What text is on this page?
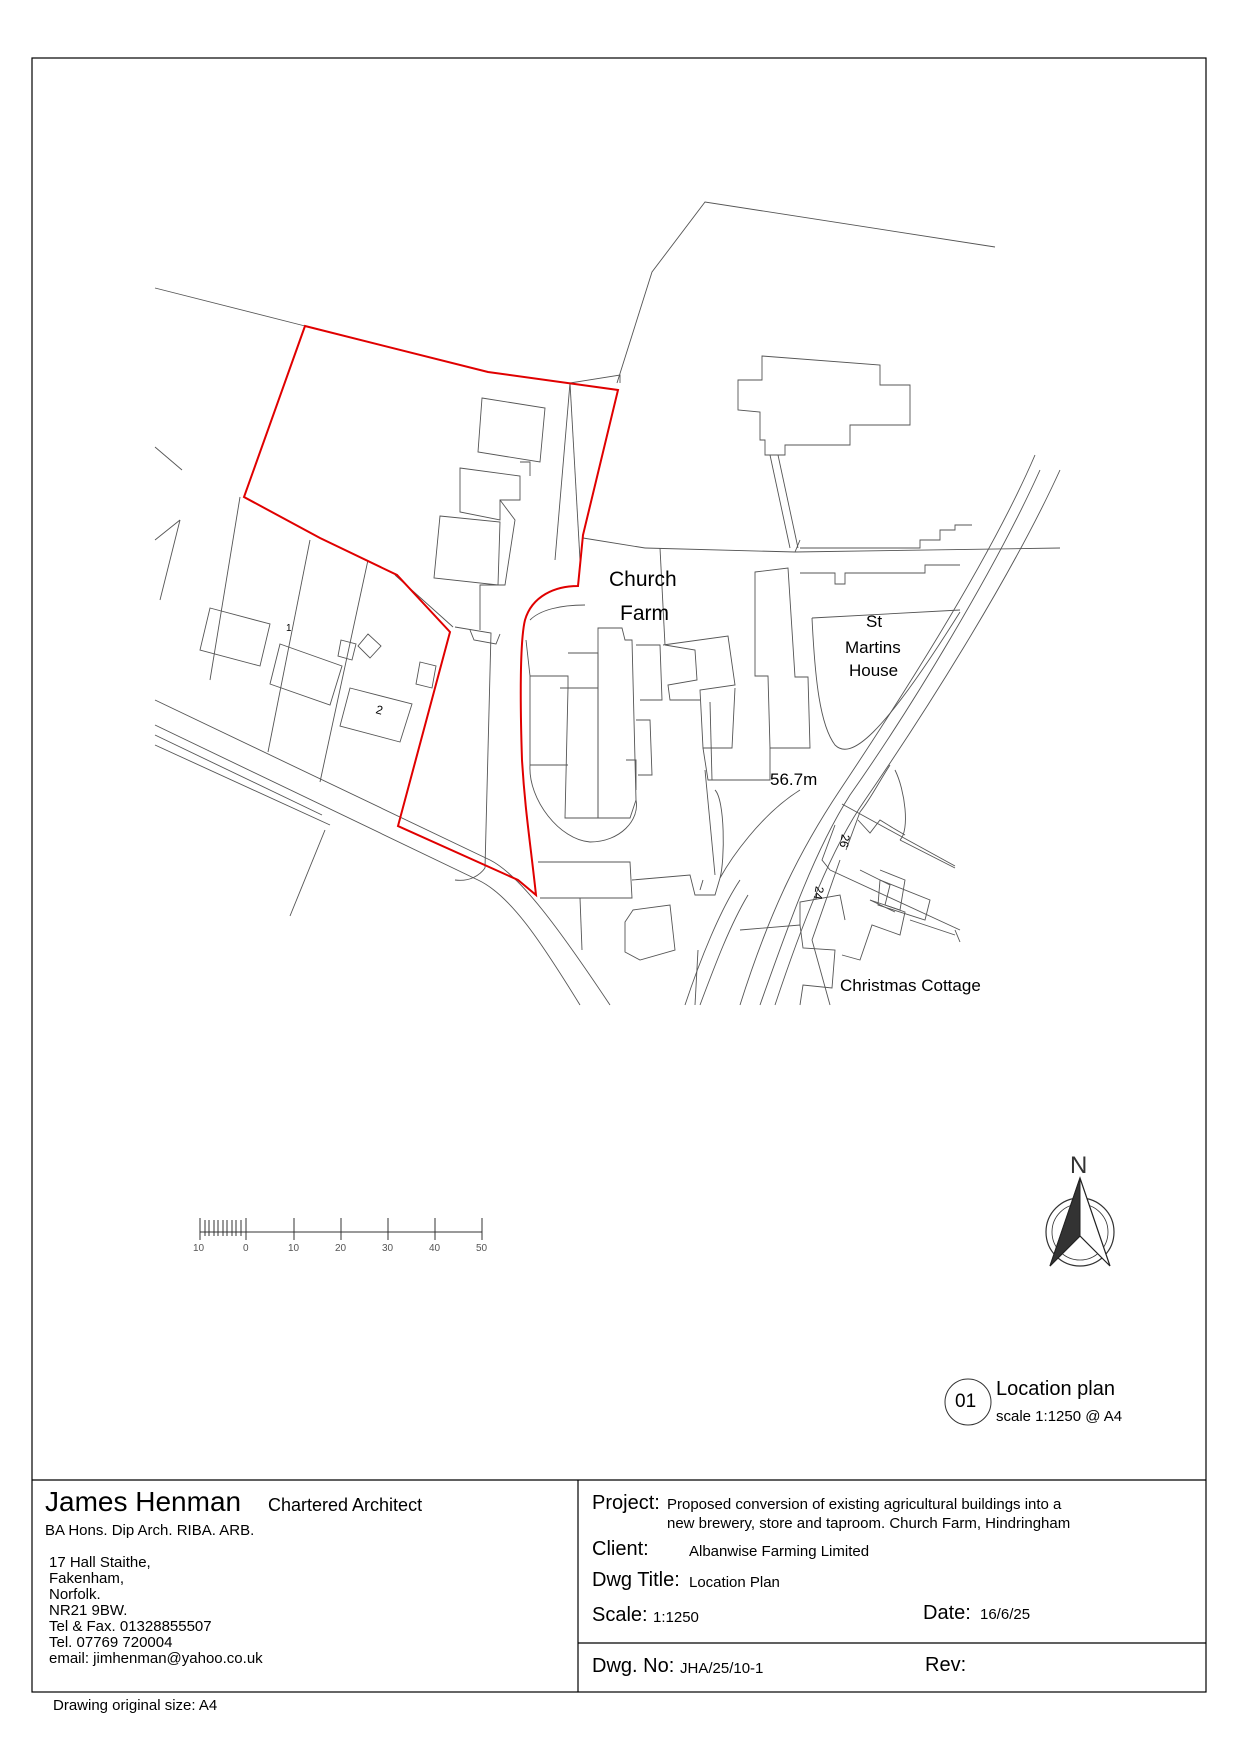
Church
Farm	St
Martins
House
56.7m
Christmas Cottage
2
1
26
24
10	0	10	20	30	40	50
N
01
Location plan
scale 1:1250 @ A4
James Henman Chartered Architect
BA Hons. Dip Arch. RIBA. ARB.
17 Hall Staithe,
Fakenham,
Norfolk.
NR21 9BW.
Tel & Fax. 01328855507
Tel. 07769 720004
email: jimhenman@yahoo.co.uk
Project: Proposed conversion of existing agricultural buildings into a
new brewery, store and taproom. Church Farm, Hindringham
Client:	Albanwise Farming Limited
Dwg Title: Location Plan
Scale: 1:1250	Date: 16/6/25
Dwg. No: JHA/25/10-1	Rev:
Drawing original size: A4
